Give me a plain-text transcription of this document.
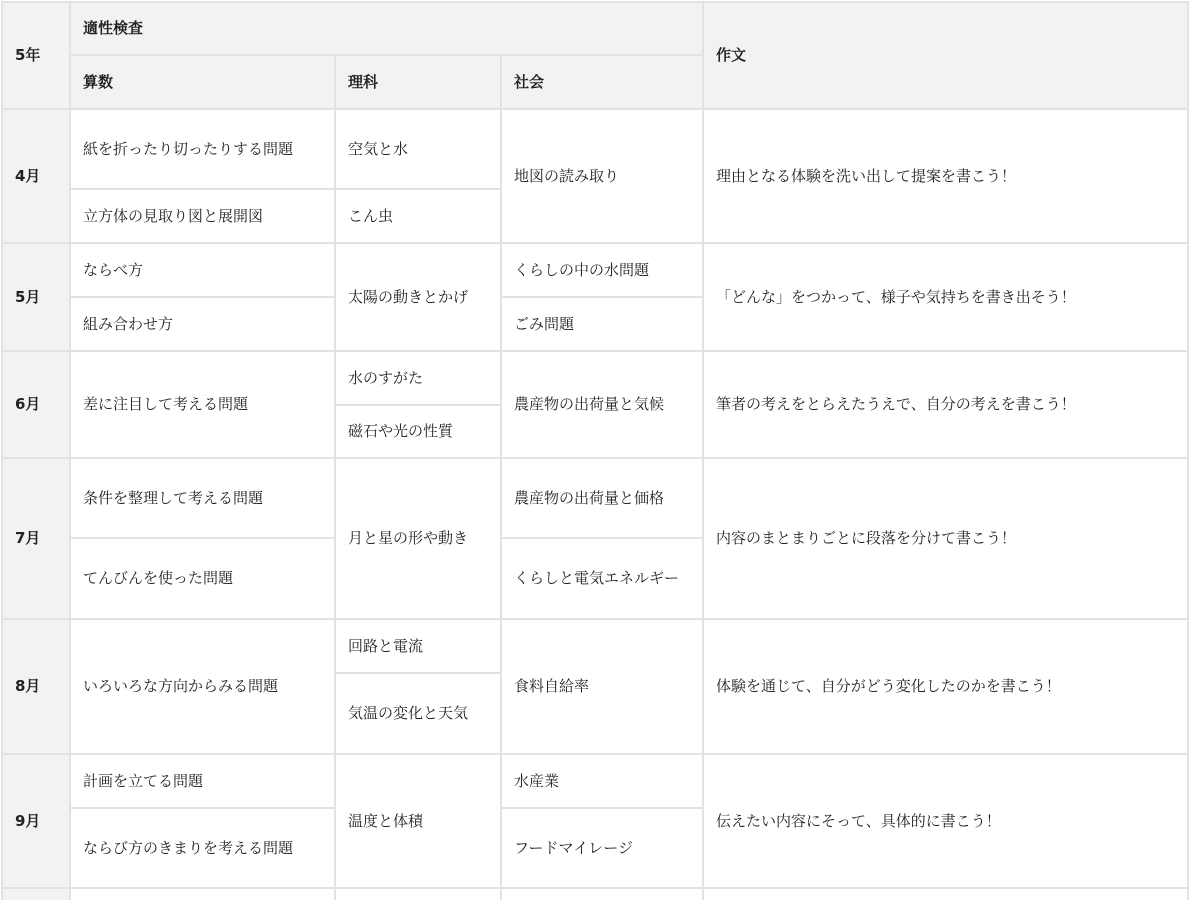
5年	適性検査			作文
	算数	理科	社会	
4月	紙を折ったり切ったりする問題	空気と水	地図の読み取り	理由となる体験を洗い出して提案を書こう！
	立方体の見取り図と展開図	こん虫		
5月	ならべ方	太陽の動きとかげ	くらしの中の水問題	「どんな」をつかって、様子や気持ちを書き出そう！
	組み合わせ方		ごみ問題	
6月	差に注目して考える問題	水のすがた	農産物の出荷量と気候	筆者の考えをとらえたうえで、自分の考えを書こう！
		磁石や光の性質		
7月	条件を整理して考える問題	月と星の形や動き	農産物の出荷量と価格	内容のまとまりごとに段落を分けて書こう！
	てんびんを使った問題		くらしと電気エネルギー	
8月	いろいろな方向からみる問題	回路と電流	食料自給率	体験を通じて、自分がどう変化したのかを書こう！
		気温の変化と天気		
9月	計画を立てる問題	温度と体積	水産業	伝えたい内容にそって、具体的に書こう！
	ならび方のきまりを考える問題		フードマイレージ	
